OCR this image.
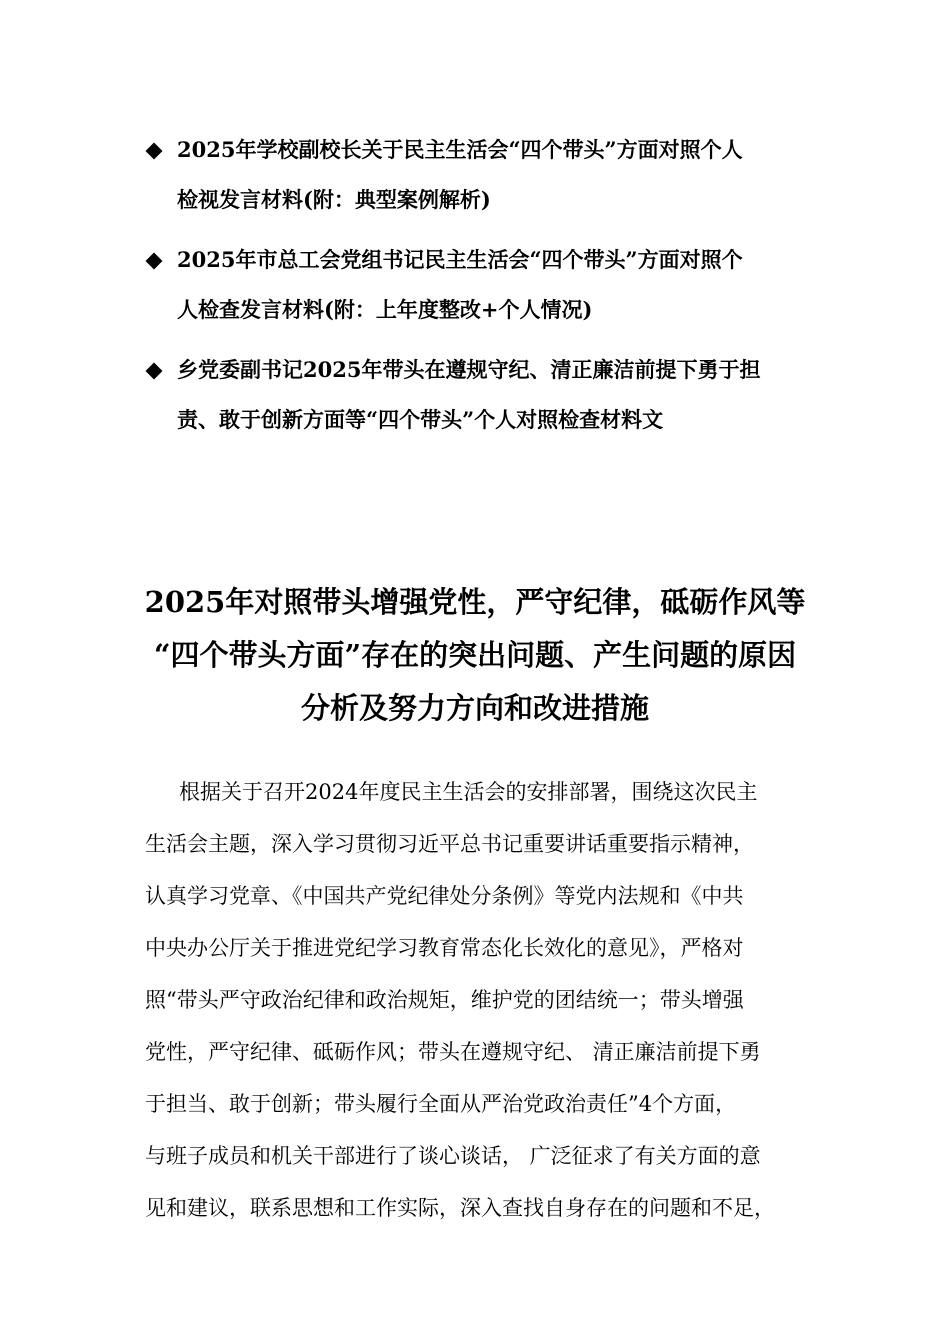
2025年学校副校长关于民主生活会“四个带头”方面对照个人
检视发言材料(附：典型案例解析)
2025年市总工会党组书记民主生活会“四个带头”方面对照个
人检查发言材料(附：上年度整改+个人情况)
乡党委副书记2025年带头在遵规守纪、清正廉洁前提下勇于担
责、敢于创新方面等“四个带头”个人对照检查材料文
2025年对照带头增强党性，严守纪律，砥砺作风等
“四个带头方面”存在的突出问题、产生问题的原因
分析及努力方向和改进措施
根据关于召开2024年度民主生活会的安排部署，围绕这次民主
生活会主题，深入学习贯彻习近平总书记重要讲话重要指示精神，
认真学习党章、《中国共产党纪律处分条例》等党内法规和《中共
中央办公厅关于推进党纪学习教育常态化长效化的意见》，严格对
照“带头严守政治纪律和政治规矩，维护党的团结统一；带头增强
党性，严守纪律、砥砺作风；带头在遵规守纪、 清正廉洁前提下勇
于担当、敢于创新；带头履行全面从严治党政治责任”4个方面，
与班子成员和机关干部进行了谈心谈话， 广泛征求了有关方面的意
见和建议，联系思想和工作实际，深入查找自身存在的问题和不足，
